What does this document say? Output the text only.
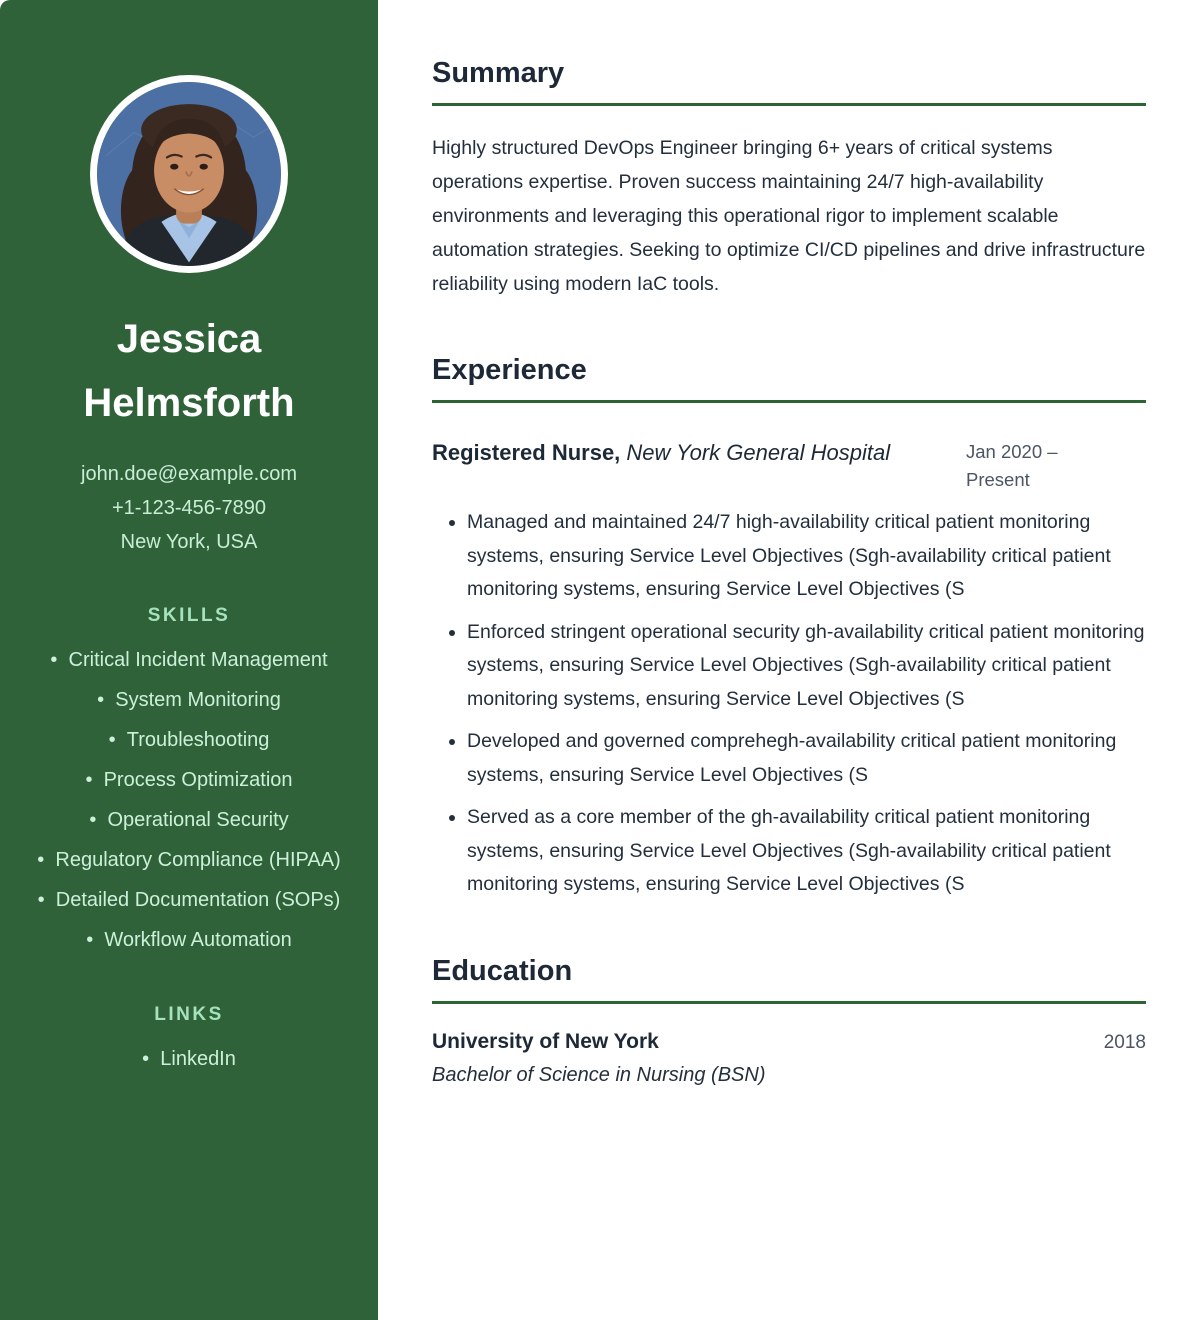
Jessica Helmsforth
john.doe@example.com
+1-123-456-7890
New York, USA
SKILLS
•  Critical Incident Management
•  System Monitoring
•  Troubleshooting
•  Process Optimization
•  Operational Security
•  Regulatory Compliance (HIPAA)
•  Detailed Documentation (SOPs)
•  Workflow Automation
LINKS
•  LinkedIn
Summary

Highly structured DevOps Engineer bringing 6+ years of critical systems operations expertise. Proven success maintaining 24/7 high-availability environments and leveraging this operational rigor to implement scalable automation strategies. Seeking to optimize CI/CD pipelines and drive infrastructure reliability using modern IaC tools.

Experience
Registered Nurse, New York General Hospital	Jan 2020 – Present
• Managed and maintained 24/7 high-availability critical patient monitoring systems, ensuring Service Level Objectives (Sgh-availability critical patient monitoring systems, ensuring Service Level Objectives (S
• Enforced stringent operational security gh-availability critical patient monitoring systems, ensuring Service Level Objectives (Sgh-availability critical patient monitoring systems, ensuring Service Level Objectives (S
• Developed and governed comprehegh-availability critical patient monitoring systems, ensuring Service Level Objectives (S
• Served as a core member of the gh-availability critical patient monitoring systems, ensuring Service Level Objectives (Sgh-availability critical patient monitoring systems, ensuring Service Level Objectives (S
Education
University of New York	2018
Bachelor of Science in Nursing (BSN)
